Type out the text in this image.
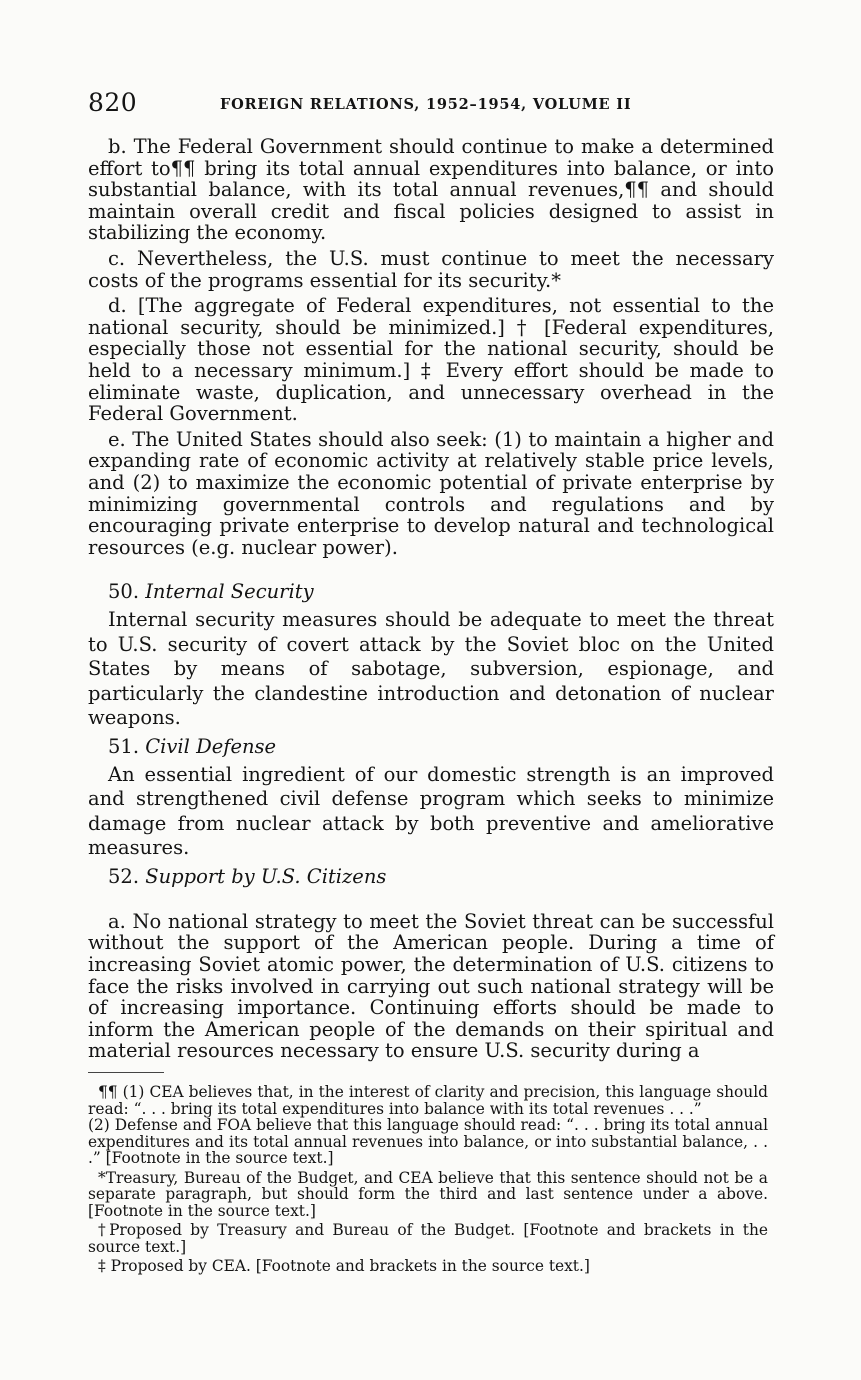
820	FOREIGN RELATIONS, 1952–1954, VOLUME II

b. The Federal Government should continue to make a determined effort to¶¶ bring its total annual expenditures into balance, or into substantial balance, with its total annual revenues,¶¶ and should maintain overall credit and fiscal policies designed to assist in stabilizing the economy.

c. Nevertheless, the U.S. must continue to meet the necessary costs of the programs essential for its security.*

d. [The aggregate of Federal expenditures, not essential to the national security, should be minimized.] † [Federal expenditures, especially those not essential for the national security, should be held to a necessary minimum.] ‡ Every effort should be made to eliminate waste, duplication, and unnecessary overhead in the Federal Government.

e. The United States should also seek: (1) to maintain a higher and expanding rate of economic activity at relatively stable price levels, and (2) to maximize the economic potential of private enterprise by minimizing governmental controls and regulations and by encouraging private enterprise to develop natural and technological resources (e.g. nuclear power).

50. Internal Security

Internal security measures should be adequate to meet the threat to U.S. security of covert attack by the Soviet bloc on the United States by means of sabotage, subversion, espionage, and particularly the clandestine introduction and detonation of nuclear weapons.

51. Civil Defense

An essential ingredient of our domestic strength is an improved and strengthened civil defense program which seeks to minimize damage from nuclear attack by both preventive and ameliorative measures.

52. Support by U.S. Citizens

a. No national strategy to meet the Soviet threat can be successful without the support of the American people. During a time of increasing Soviet atomic power, the determination of U.S. citizens to face the risks involved in carrying out such national strategy will be of increasing importance. Continuing efforts should be made to inform the American people of the demands on their spiritual and material resources necessary to ensure U.S. security during a

¶¶ (1) CEA believes that, in the interest of clarity and precision, this language should read: “. . . bring its total expenditures into balance with its total revenues . . .”

(2) Defense and FOA believe that this language should read: “. . . bring its total annual expenditures and its total annual revenues into balance, or into substantial balance, . . .” [Footnote in the source text.]

*Treasury, Bureau of the Budget, and CEA believe that this sentence should not be a separate paragraph, but should form the third and last sentence under a above. [Footnote in the source text.]

†Proposed by Treasury and Bureau of the Budget. [Footnote and brackets in the source text.]

‡ Proposed by CEA. [Footnote and brackets in the source text.]
